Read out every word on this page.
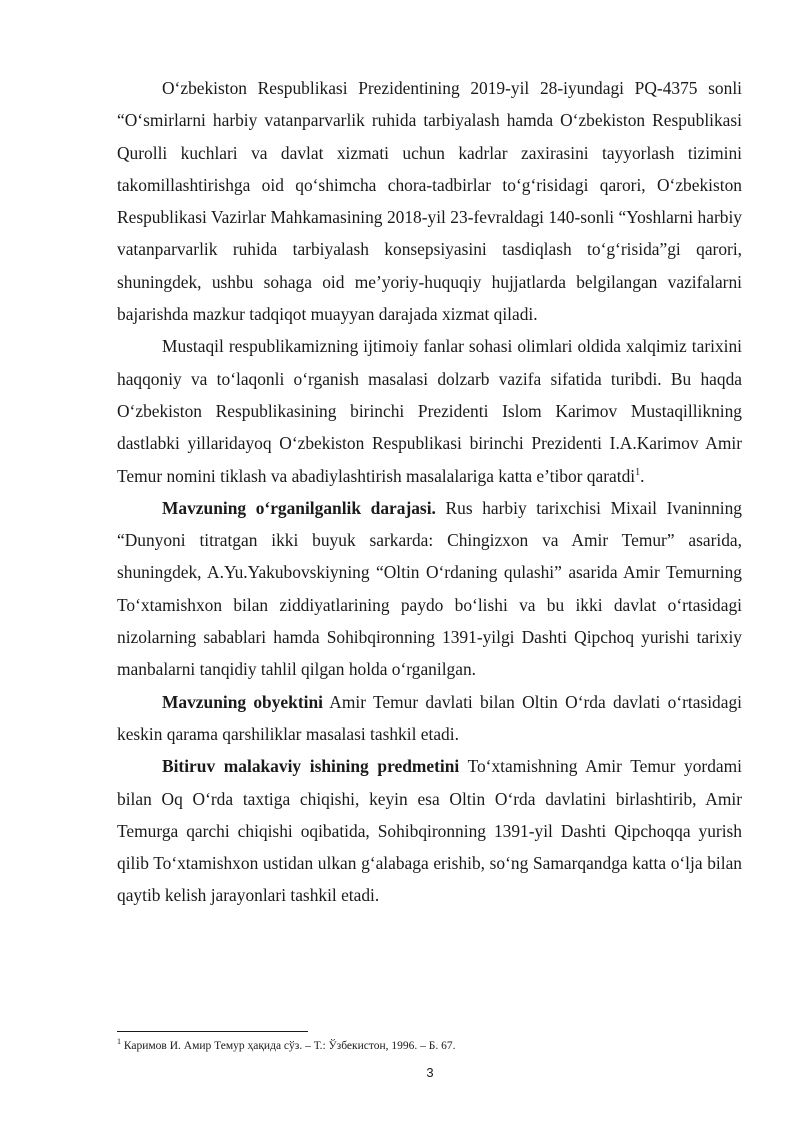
O‘zbekiston Respublikasi Prezidentining 2019-yil 28-iyundagi PQ-4375 sonli “O‘smirlarni harbiy vatanparvarlik ruhida tarbiyalash hamda O‘zbekiston Respublikasi Qurolli kuchlari va davlat xizmati uchun kadrlar zaxirasini tayyorlash tizimini takomillashtirishga oid qo‘shimcha chora-tadbirlar to‘g‘risidagi qarori, O‘zbekiston Respublikasi Vazirlar Mahkamasining 2018-yil 23-fevraldagi 140-sonli “Yoshlarni harbiy vatanparvarlik ruhida tarbiyalash konsepsiyasini tasdiqlash to‘g‘risida”gi qarori, shuningdek, ushbu sohaga oid me’yoriy-huquqiy hujjatlarda belgilangan vazifalarni bajarishda mazkur tadqiqot muayyan darajada xizmat qiladi.

Mustaqil respublikamizning ijtimoiy fanlar sohasi olimlari oldida xalqimiz tarixini haqqoniy va to‘laqonli o‘rganish masalasi dolzarb vazifa sifatida turibdi. Bu haqda O‘zbekiston Respublikasining birinchi Prezidenti Islom Karimov Mustaqillikning dastlabki yillaridayoq O‘zbekiston Respublikasi birinchi Prezidenti I.A.Karimov Amir Temur nomini tiklash va abadiylashtirish masalalariga katta e’tibor qaratdi$^1$.

Mavzuning o‘rganilganlik darajasi. Rus harbiy tarixchisi Mixail Ivaninning “Dunyoni titratgan ikki buyuk sarkarda: Chingizxon va Amir Temur” asarida, shuningdek, A.Yu.Yakubovskiyning “Oltin O‘rdaning qulashi” asarida Amir Temurning To‘xtamishxon bilan ziddiyatlarining paydo bo‘lishi va bu ikki davlat o‘rtasidagi nizolarning sabablari hamda Sohibqironning 1391-yilgi Dashti Qipchoq yurishi tarixiy manbalarni tanqidiy tahlil qilgan holda o‘rganilgan.

Mavzuning obyektini Amir Temur davlati bilan Oltin O‘rda davlati o‘rtasidagi keskin qarama qarshiliklar masalasi tashkil etadi.

Bitiruv malakaviy ishining predmetini To‘xtamishning Amir Temur yordami bilan Oq O‘rda taxtiga chiqishi, keyin esa Oltin O‘rda davlatini birlashtirib, Amir Temurga qarchi chiqishi oqibatida, Sohibqironning 1391-yil Dashti Qipchoqqa yurish qilib To‘xtamishxon ustidan ulkan g‘alabaga erishib, so‘ng Samarqandga katta o‘lja bilan qaytib kelish jarayonlari tashkil etadi.

$^1$ Каримов И. Амир Темур ҳақида сўз. – Т.: Ўзбекистон, 1996. – Б. 67.
3
